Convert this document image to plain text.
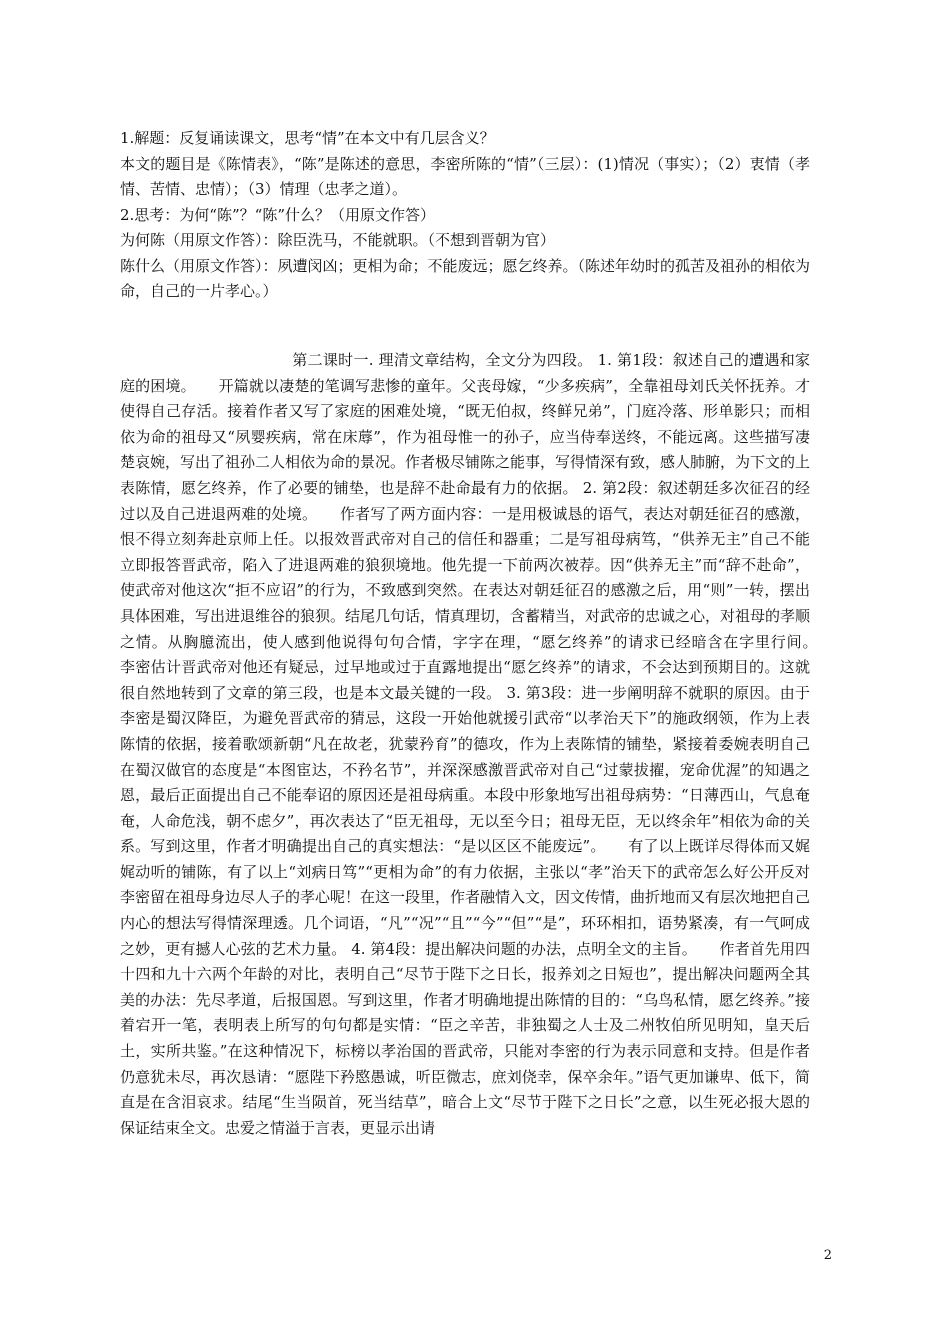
1.解题：反复诵读课文，思考“情”在本文中有几层含义？

本文的题目是《陈情表》，“陈”是陈述的意思，李密所陈的“情”（三层）：(1)情况（事实）；（2）衷情（孝情、苦情、忠情）；（3）情理（忠孝之道）。

2.思考：为何“陈”？“陈”什么？（用原文作答）

为何陈（用原文作答）：除臣洗马，不能就职。（不想到晋朝为官）

陈什么（用原文作答）：夙遭闵凶；更相为命；不能废远；愿乞终养。（陈述年幼时的孤苦及祖孙的相依为命，自己的一片孝心。）

第二课时一. 理清文章结构，全文分为四段。 1. 第1段：叙述自己的遭遇和家庭的困境。　　开篇就以凄楚的笔调写悲惨的童年。父丧母嫁，“少多疾病”，全靠祖母刘氏关怀抚养。才使得自己存活。接着作者又写了家庭的困难处境，“既无伯叔，终鲜兄弟”，门庭冷落、形单影只；而相依为命的祖母又“夙婴疾病，常在床蓐”，作为祖母惟一的孙子，应当侍奉送终，不能远离。这些描写凄楚哀婉，写出了祖孙二人相依为命的景况。作者极尽铺陈之能事，写得情深有致，感人肺腑，为下文的上表陈情，愿乞终养，作了必要的铺垫，也是辞不赴命最有力的依据。 2. 第2段：叙述朝廷多次征召的经过以及自己进退两难的处境。　　作者写了两方面内容：一是用极诚恳的语气，表达对朝廷征召的感激，恨不得立刻奔赴京师上任。以报效晋武帝对自己的信任和器重；二是写祖母病笃，“供养无主”自己不能立即报答晋武帝，陷入了进退两难的狼狈境地。他先提一下前两次被荐。因“供养无主”而“辞不赴命”，使武帝对他这次“拒不应诏”的行为，不致感到突然。在表达对朝廷征召的感激之后，用“则”一转，摆出具体困难，写出进退维谷的狼狈。结尾几句话，情真理切，含蓄精当，对武帝的忠诚之心，对祖母的孝顺之情。从胸臆流出，使人感到他说得句句合情，字字在理，“愿乞终养”的请求已经暗含在字里行间。　　李密估计晋武帝对他还有疑忌，过早地或过于直露地提出“愿乞终养”的请求，不会达到预期目的。这就很自然地转到了文章的第三段，也是本文最关键的一段。 3. 第3段：进一步阐明辞不就职的原因。由于李密是蜀汉降臣，为避免晋武帝的猜忌，这段一开始他就援引武帝“以孝治天下”的施政纲领，作为上表陈情的依据，接着歌颂新朝“凡在故老，犹蒙矜育”的德攻，作为上表陈情的铺垫，紧接着委婉表明自己在蜀汉做官的态度是“本图宦达，不矜名节”，并深深感激晋武帝对自己“过蒙拔擢，宠命优渥”的知遇之恩，最后正面提出自己不能奉诏的原因还是祖母病重。本段中形象地写出祖母病势：“日薄西山，气息奄奄，人命危浅，朝不虑夕”，再次表达了“臣无祖母，无以至今日；祖母无臣，无以终余年”相依为命的关系。写到这里，作者才明确提出自己的真实想法：“是以区区不能废远”。　　有了以上既详尽得体而又娓娓动听的铺陈，有了以上“刘病日笃”“更相为命”的有力依据，主张以“孝”治天下的武帝怎么好公开反对李密留在祖母身边尽人子的孝心呢！在这一段里，作者融情入文，因文传情，曲折地而又有层次地把自己内心的想法写得情深理透。几个词语，“凡”“况”“且”“今”“但”“是”，环环相扣，语势紧凑，有一气呵成之妙，更有撼人心弦的艺术力量。 4. 第4段：提出解决问题的办法，点明全文的主旨。　　作者首先用四十四和九十六两个年龄的对比，表明自己“尽节于陛下之日长，报养刘之日短也”，提出解决问题两全其美的办法：先尽孝道，后报国恩。写到这里，作者才明确地提出陈情的目的：“乌鸟私情，愿乞终养。”接着宕开一笔，表明表上所写的句句都是实情：“臣之辛苦，非独蜀之人士及二州牧伯所见明知，皇天后土，实所共鉴。”在这种情况下，标榜以孝治国的晋武帝，只能对李密的行为表示同意和支持。但是作者仍意犹未尽，再次恳请：“愿陛下矜愍愚诚，听臣微志，庶刘侥幸，保卒余年。”语气更加谦卑、低下，简直是在含泪哀求。结尾“生当陨首，死当结草”，暗合上文“尽节于陛下之日长”之意，以生死必报大恩的保证结束全文。忠爱之情溢于言表，更显示出请

2
